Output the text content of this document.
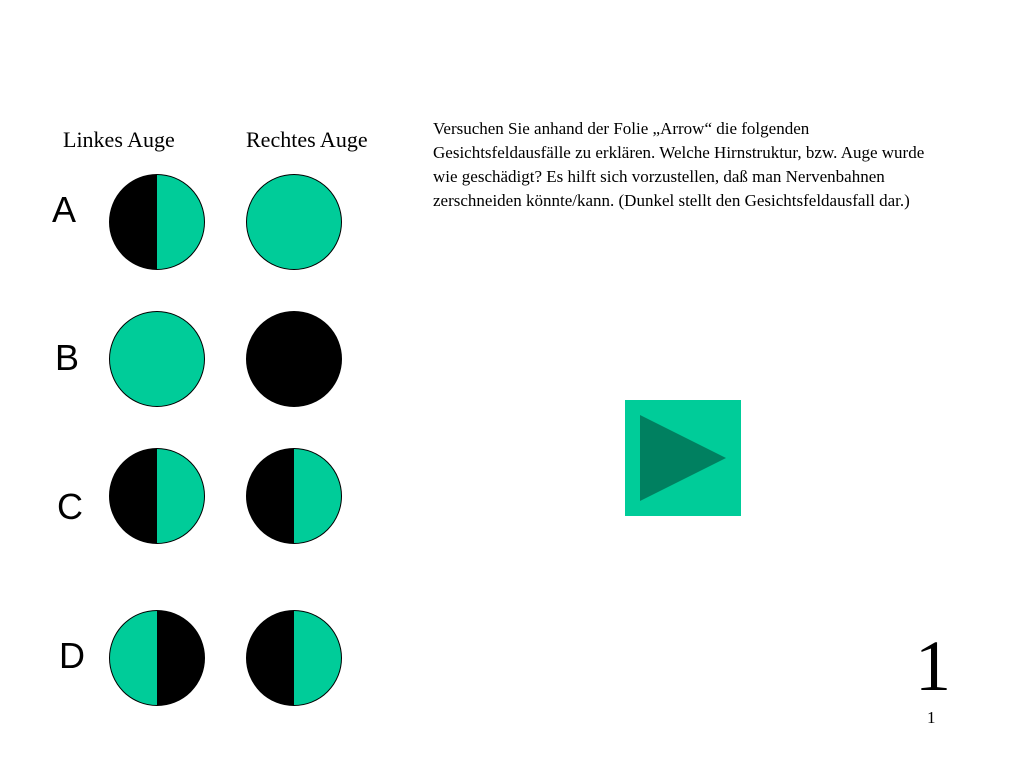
Linkes Auge	Rechtes Auge
A
B
C
D
Versuchen Sie anhand der Folie „Arrow“ die folgenden Gesichtsfeldausfälle zu erklären. Welche Hirnstruktur, bzw. Auge wurde wie geschädigt? Es hilft sich vorzustellen, daß man Nervenbahnen zerschneiden könnte/kann. (Dunkel stellt den Gesichtsfeldausfall dar.)
1
1
